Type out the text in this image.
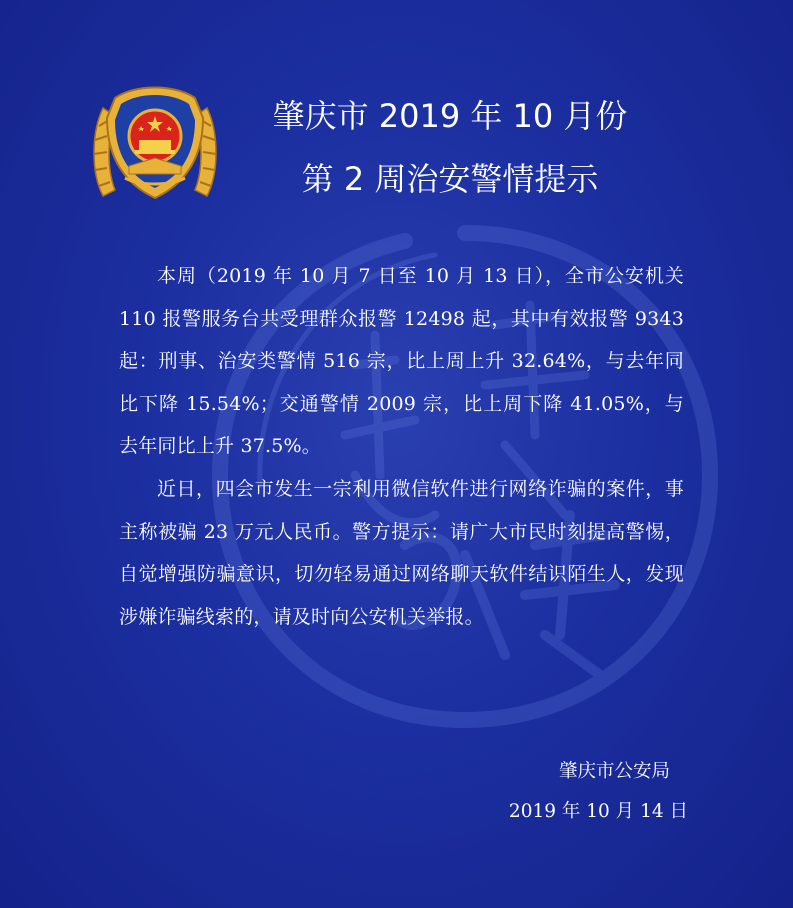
肇庆市 2019 年 10 月份
第 2 周治安警情提示

本周（2019 年 10 月 7 日至 10 月 13 日），全市公安机关 110 报警服务台共受理群众报警 12498 起，其中有效报警 9343 起：刑事、治安类警情 516 宗，比上周上升 32.64%，与去年同比下降 15.54%；交通警情 2009 宗，比上周下降 41.05%，与去年同比上升 37.5%。

近日，四会市发生一宗利用微信软件进行网络诈骗的案件，事主称被骗 23 万元人民币。警方提示：请广大市民时刻提高警惕，自觉增强防骗意识，切勿轻易通过网络聊天软件结识陌生人，发现涉嫌诈骗线索的，请及时向公安机关举报。

肇庆市公安局
2019 年 10 月 14 日
